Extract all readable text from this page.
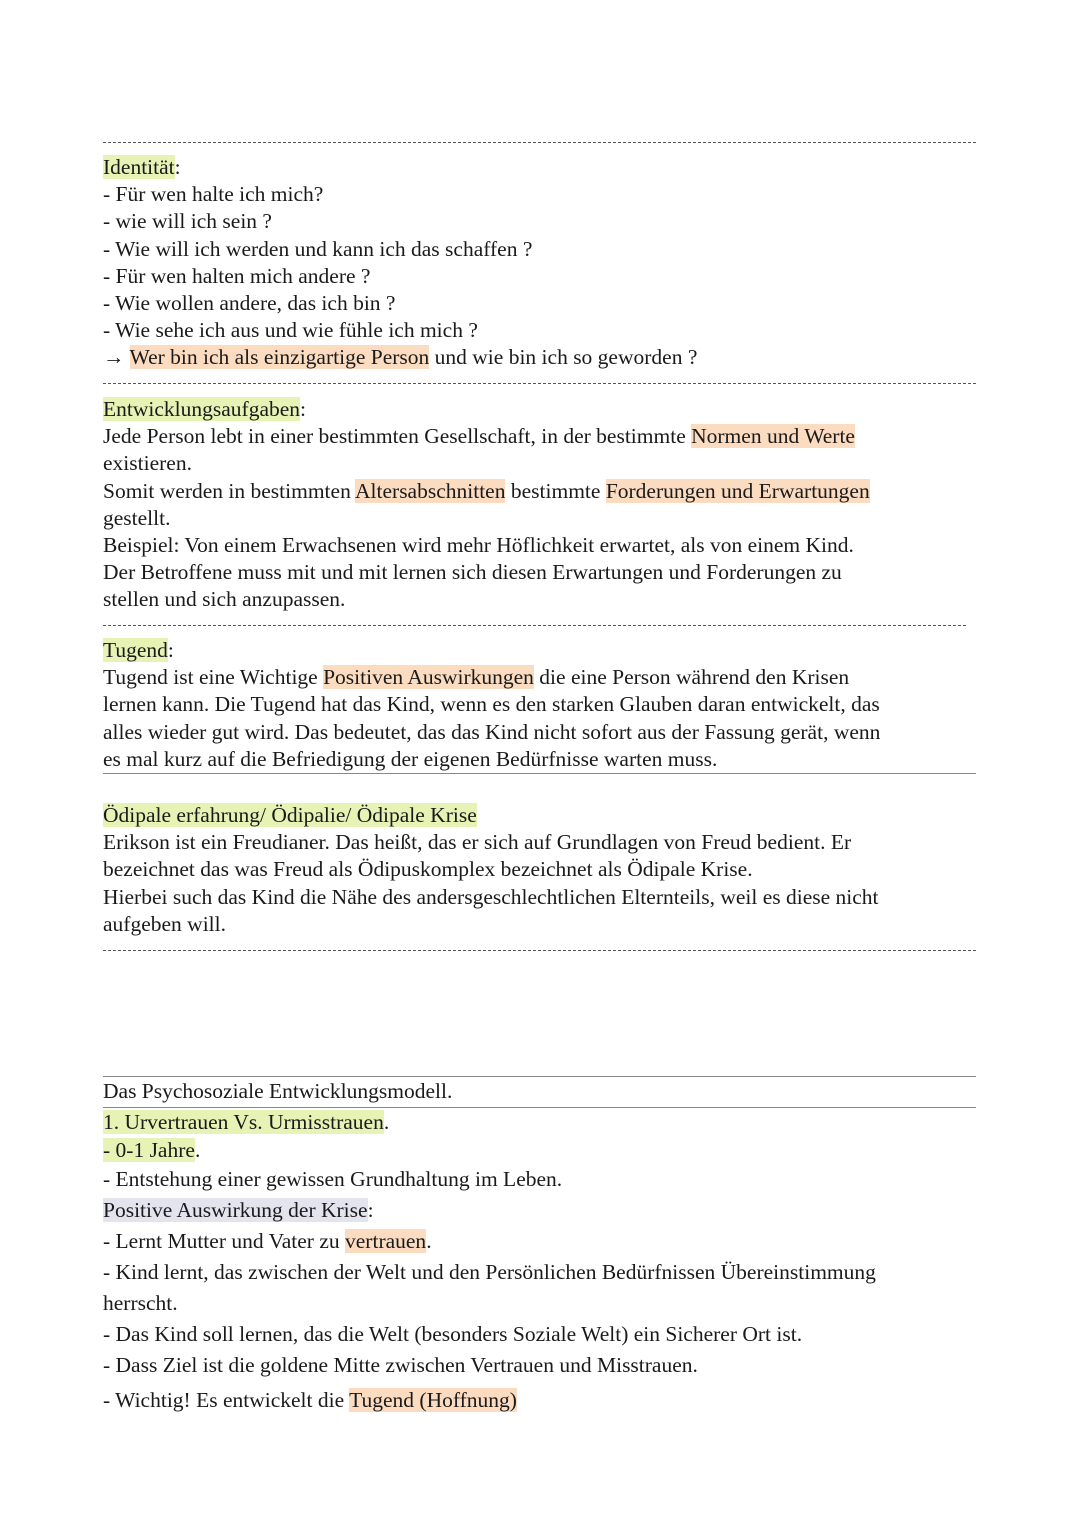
Identität:

- Für wen halte ich mich?

- wie will ich sein ?

- Wie will ich werden und kann ich das schaffen ?

- Für wen halten mich andere ?

- Wie wollen andere, das ich bin ?

- Wie sehe ich aus und wie fühle ich mich ?

→ Wer bin ich als einzigartige Person und wie bin ich so geworden ?

Entwicklungsaufgaben:

Jede Person lebt in einer bestimmten Gesellschaft, in der bestimmte Normen und Werte

existieren.

Somit werden in bestimmten Altersabschnitten bestimmte Forderungen und Erwartungen

gestellt.

Beispiel: Von einem Erwachsenen wird mehr Höflichkeit erwartet, als von einem Kind.

Der Betroffene muss mit und mit lernen sich diesen Erwartungen und Forderungen zu

stellen und sich anzupassen.

Tugend:

Tugend ist eine Wichtige Positiven Auswirkungen die eine Person während den Krisen

lernen kann. Die Tugend hat das Kind, wenn es den starken Glauben daran entwickelt, das

alles wieder gut wird. Das bedeutet, das das Kind nicht sofort aus der Fassung gerät, wenn

es mal kurz auf die Befriedigung der eigenen Bedürfnisse warten muss.

Ödipale erfahrung/ Ödipalie/ Ödipale Krise

Erikson ist ein Freudianer. Das heißt, das er sich auf Grundlagen von Freud bedient. Er

bezeichnet das was Freud als Ödipuskomplex bezeichnet als Ödipale Krise.

Hierbei such das Kind die Nähe des andersgeschlechtlichen Elternteils, weil es diese nicht

aufgeben will.

Das Psychosoziale Entwicklungsmodell.

1. Urvertrauen Vs. Urmisstrauen.

- 0-1 Jahre.

- Entstehung einer gewissen Grundhaltung im Leben.

Positive Auswirkung der Krise:

- Lernt Mutter und Vater zu vertrauen.

- Kind lernt, das zwischen der Welt und den Persönlichen Bedürfnissen Übereinstimmung

herrscht.

- Das Kind soll lernen, das die Welt (besonders Soziale Welt) ein Sicherer Ort ist.

- Dass Ziel ist die goldene Mitte zwischen Vertrauen und Misstrauen.

- Wichtig! Es entwickelt die Tugend (Hoffnung)
